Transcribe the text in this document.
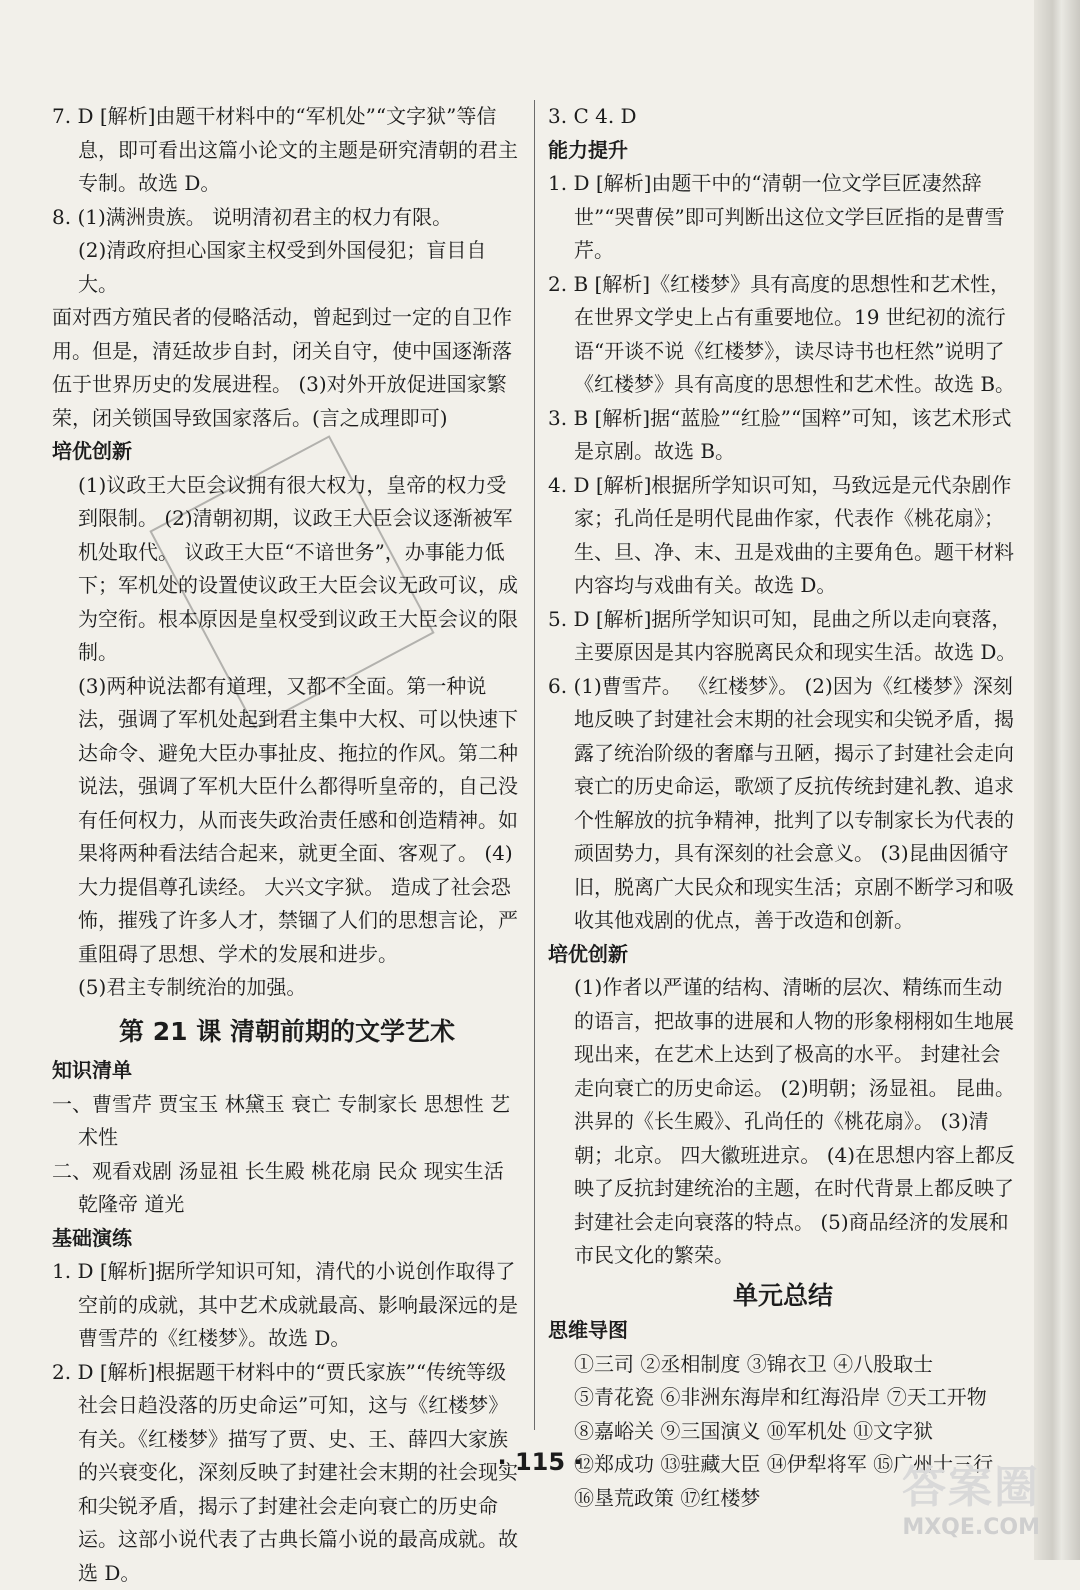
7. D [解析]由题干材料中的“军机处”“文字狱”等信息，即可看出这篇小论文的主题是研究清朝的君主专制。故选 D。

8. (1)满洲贵族。 说明清初君主的权力有限。

(2)清政府担心国家主权受到外国侵犯；盲目自大。

面对西方殖民者的侵略活动，曾起到过一定的自卫作用。但是，清廷故步自封，闭关自守，使中国逐渐落伍于世界历史的发展进程。 (3)对外开放促进国家繁荣，闭关锁国导致国家落后。(言之成理即可)

培优创新

(1)议政王大臣会议拥有很大权力，皇帝的权力受到限制。 (2)清朝初期，议政王大臣会议逐渐被军机处取代。 议政王大臣“不谙世务”，办事能力低下；军机处的设置使议政王大臣会议无政可议，成为空衔。根本原因是皇权受到议政王大臣会议的限制。

(3)两种说法都有道理，又都不全面。第一种说法，强调了军机处起到君主集中大权、可以快速下达命令、避免大臣办事扯皮、拖拉的作风。第二种说法，强调了军机大臣什么都得听皇帝的，自己没有任何权力，从而丧失政治责任感和创造精神。如果将两种看法结合起来，就更全面、客观了。 (4)大力提倡尊孔读经。 大兴文字狱。 造成了社会恐怖，摧残了许多人才，禁锢了人们的思想言论，严重阻碍了思想、学术的发展和进步。

(5)君主专制统治的加强。

第 21 课 清朝前期的文学艺术

知识清单

一、曹雪芹 贾宝玉 林黛玉 衰亡 专制家长 思想性 艺术性

二、观看戏剧 汤显祖 长生殿 桃花扇 民众 现实生活 乾隆帝 道光

基础演练

1. D [解析]据所学知识可知，清代的小说创作取得了空前的成就，其中艺术成就最高、影响最深远的是曹雪芹的《红楼梦》。故选 D。

2. D [解析]根据题干材料中的“贾氏家族”“传统等级社会日趋没落的历史命运”可知，这与《红楼梦》有关。《红楼梦》描写了贾、史、王、薛四大家族的兴衰变化，深刻反映了封建社会末期的社会现实和尖锐矛盾，揭示了封建社会走向衰亡的历史命运。这部小说代表了古典长篇小说的最高成就。故选 D。

3. C 4. D

能力提升

1. D [解析]由题干中的“清朝一位文学巨匠凄然辞世”“哭曹侯”即可判断出这位文学巨匠指的是曹雪芹。

2. B [解析]《红楼梦》具有高度的思想性和艺术性，在世界文学史上占有重要地位。19 世纪初的流行语“开谈不说《红楼梦》，读尽诗书也枉然”说明了《红楼梦》具有高度的思想性和艺术性。故选 B。

3. B [解析]据“蓝脸”“红脸”“国粹”可知，该艺术形式是京剧。故选 B。

4. D [解析]根据所学知识可知，马致远是元代杂剧作家；孔尚任是明代昆曲作家，代表作《桃花扇》；生、旦、净、末、丑是戏曲的主要角色。题干材料内容均与戏曲有关。故选 D。

5. D [解析]据所学知识可知，昆曲之所以走向衰落，主要原因是其内容脱离民众和现实生活。故选 D。

6. (1)曹雪芹。 《红楼梦》。 (2)因为《红楼梦》深刻地反映了封建社会末期的社会现实和尖锐矛盾，揭露了统治阶级的奢靡与丑陋，揭示了封建社会走向衰亡的历史命运，歌颂了反抗传统封建礼教、追求个性解放的抗争精神，批判了以专制家长为代表的顽固势力，具有深刻的社会意义。 (3)昆曲因循守旧，脱离广大民众和现实生活；京剧不断学习和吸收其他戏剧的优点，善于改造和创新。

培优创新

(1)作者以严谨的结构、清晰的层次、精练而生动的语言，把故事的进展和人物的形象栩栩如生地展现出来，在艺术上达到了极高的水平。 封建社会走向衰亡的历史命运。 (2)明朝；汤显祖。 昆曲。 洪昇的《长生殿》、孔尚任的《桃花扇》。 (3)清朝；北京。 四大徽班进京。 (4)在思想内容上都反映了反抗封建统治的主题，在时代背景上都反映了封建社会走向衰落的特点。 (5)商品经济的发展和市民文化的繁荣。

单元总结

思维导图

①三司 ②丞相制度 ③锦衣卫 ④八股取士

⑤青花瓷 ⑥非洲东海岸和红海沿岸 ⑦天工开物

⑧嘉峪关 ⑨三国演义 ⑩军机处 ⑪文字狱

⑫郑成功 ⑬驻藏大臣 ⑭伊犁将军 ⑮广州十三行 ⑯垦荒政策 ⑰红楼梦

· 115 ·	答案圈
MXQE.COM
